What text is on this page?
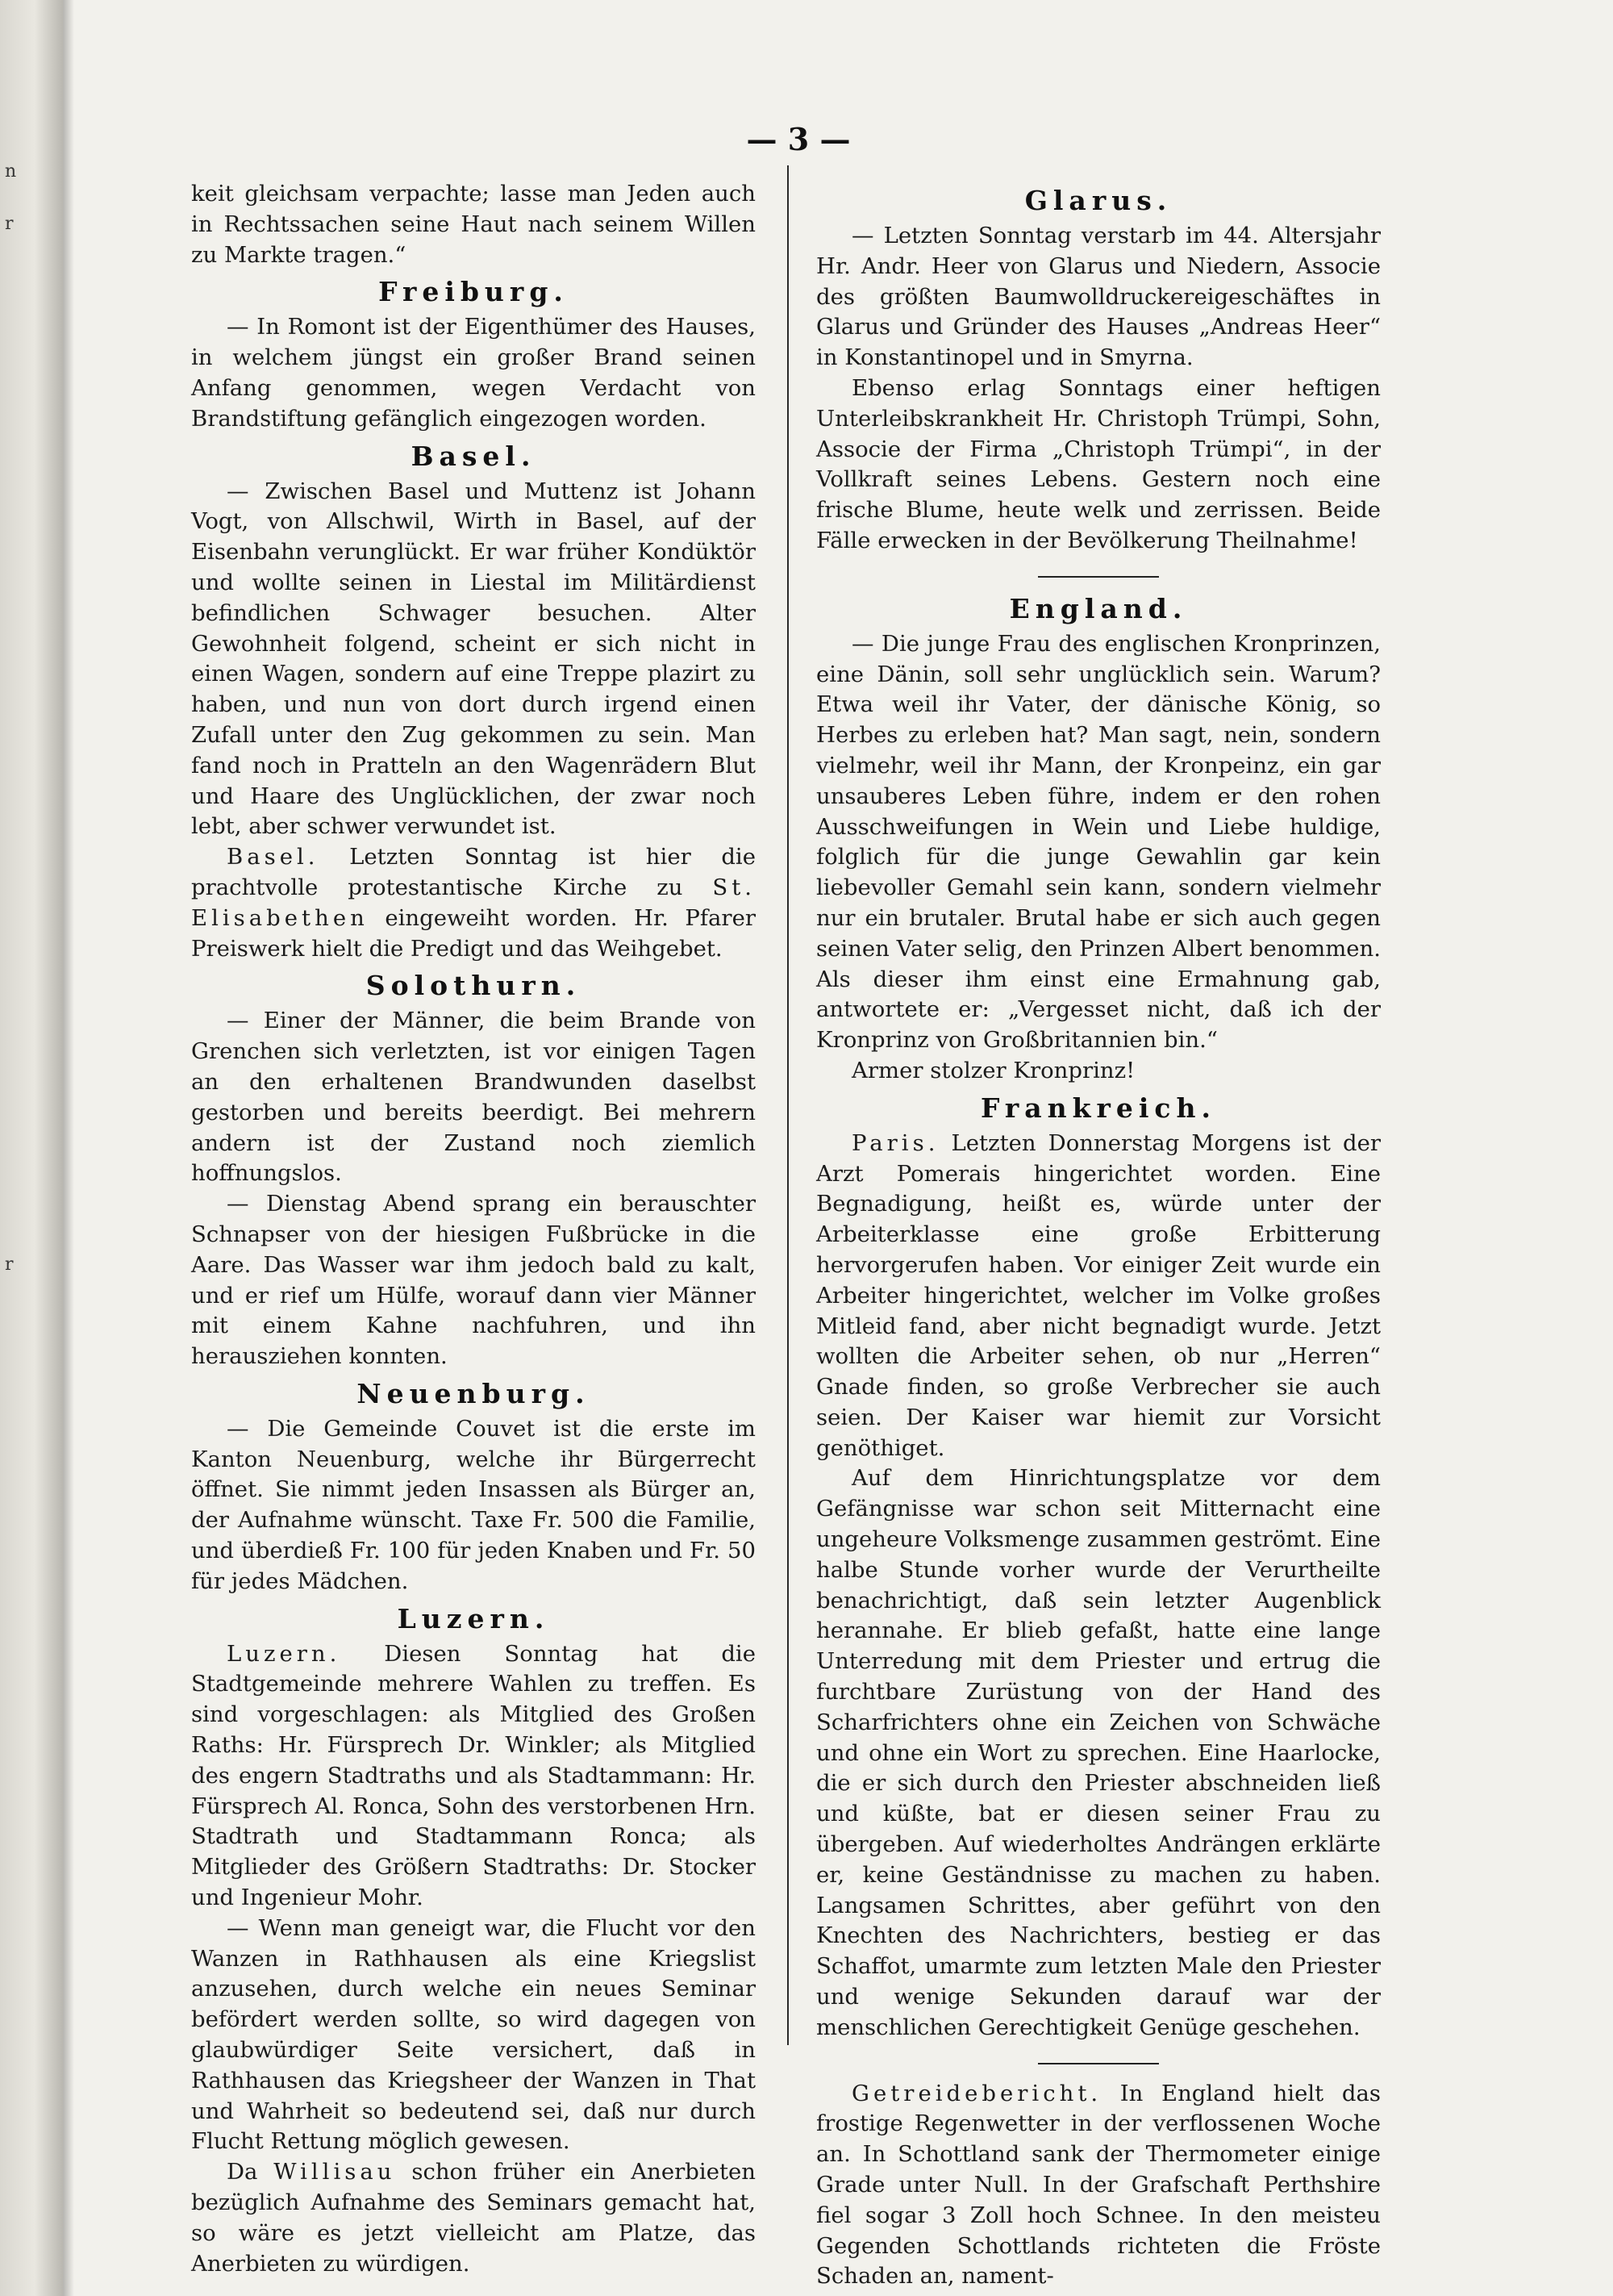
n
r
r
— 3 —

keit gleichsam verpachte; lasse man Jeden auch in Rechtssachen seine Haut nach seinem Willen zu Markte tragen.“

Freiburg.

— In Romont ist der Eigenthümer des Hauses, in welchem jüngst ein großer Brand seinen Anfang genommen, wegen Verdacht von Brandstiftung gefänglich eingezogen worden.

Basel.

— Zwischen Basel und Muttenz ist Johann Vogt, von Allschwil, Wirth in Basel, auf der Eisenbahn verunglückt. Er war früher Kondüktör und wollte seinen in Liestal im Militärdienst befindlichen Schwager besuchen. Alter Gewohnheit folgend, scheint er sich nicht in einen Wagen, sondern auf eine Treppe plazirt zu haben, und nun von dort durch irgend einen Zufall unter den Zug gekommen zu sein. Man fand noch in Pratteln an den Wagenrädern Blut und Haare des Unglücklichen, der zwar noch lebt, aber schwer verwundet ist.

Basel. Letzten Sonntag ist hier die prachtvolle protestantische Kirche zu St. Elisabethen eingeweiht worden. Hr. Pfarer Preiswerk hielt die Predigt und das Weihgebet.

Solothurn.

— Einer der Männer, die beim Brande von Grenchen sich verletzten, ist vor einigen Tagen an den erhaltenen Brandwunden daselbst gestorben und bereits beerdigt. Bei mehrern andern ist der Zustand noch ziemlich hoffnungslos.

— Dienstag Abend sprang ein berauschter Schnapser von der hiesigen Fußbrücke in die Aare. Das Wasser war ihm jedoch bald zu kalt, und er rief um Hülfe, worauf dann vier Männer mit einem Kahne nachfuhren, und ihn herausziehen konnten.

Neuenburg.

— Die Gemeinde Couvet ist die erste im Kanton Neuenburg, welche ihr Bürgerrecht öffnet. Sie nimmt jeden Insassen als Bürger an, der Aufnahme wünscht. Taxe Fr. 500 die Familie, und überdieß Fr. 100 für jeden Knaben und Fr. 50 für jedes Mädchen.

Luzern.

Luzern. Diesen Sonntag hat die Stadtgemeinde mehrere Wahlen zu treffen. Es sind vorgeschlagen: als Mitglied des Großen Raths: Hr. Fürsprech Dr. Winkler; als Mitglied des engern Stadtraths und als Stadtammann: Hr. Fürsprech Al. Ronca, Sohn des verstorbenen Hrn. Stadtrath und Stadtammann Ronca; als Mitglieder des Größern Stadtraths: Dr. Stocker und Ingenieur Mohr.

— Wenn man geneigt war, die Flucht vor den Wanzen in Rathhausen als eine Kriegslist anzusehen, durch welche ein neues Seminar befördert werden sollte, so wird dagegen von glaubwürdiger Seite versichert, daß in Rathhausen das Kriegsheer der Wanzen in That und Wahrheit so bedeutend sei, daß nur durch Flucht Rettung möglich gewesen.

Da Willisau schon früher ein Anerbieten bezüglich Aufnahme des Seminars gemacht hat, so wäre es jetzt vielleicht am Platze, das Anerbieten zu würdigen.

Glarus.

— Letzten Sonntag verstarb im 44. Altersjahr Hr. Andr. Heer von Glarus und Niedern, Associe des größten Baumwolldruckereigeschäftes in Glarus und Gründer des Hauses „Andreas Heer“ in Konstantinopel und in Smyrna.

Ebenso erlag Sonntags einer heftigen Unterleibskrankheit Hr. Christoph Trümpi, Sohn, Associe der Firma „Christoph Trümpi“, in der Vollkraft seines Lebens. Gestern noch eine frische Blume, heute welk und zerrissen. Beide Fälle erwecken in der Bevölkerung Theilnahme!

England.

— Die junge Frau des englischen Kronprinzen, eine Dänin, soll sehr unglücklich sein. Warum? Etwa weil ihr Vater, der dänische König, so Herbes zu erleben hat? Man sagt, nein, sondern vielmehr, weil ihr Mann, der Kronpeinz, ein gar unsauberes Leben führe, indem er den rohen Ausschweifungen in Wein und Liebe huldige, folglich für die junge Gewahlin gar kein liebevoller Gemahl sein kann, sondern vielmehr nur ein brutaler. Brutal habe er sich auch gegen seinen Vater selig, den Prinzen Albert benommen. Als dieser ihm einst eine Ermahnung gab, antwortete er: „Vergesset nicht, daß ich der Kronprinz von Großbritannien bin.“

Armer stolzer Kronprinz!

Frankreich.

Paris. Letzten Donnerstag Morgens ist der Arzt Pomerais hingerichtet worden. Eine Begnadigung, heißt es, würde unter der Arbeiterklasse eine große Erbitterung hervorgerufen haben. Vor einiger Zeit wurde ein Arbeiter hingerichtet, welcher im Volke großes Mitleid fand, aber nicht begnadigt wurde. Jetzt wollten die Arbeiter sehen, ob nur „Herren“ Gnade finden, so große Verbrecher sie auch seien. Der Kaiser war hiemit zur Vorsicht genöthiget.

Auf dem Hinrichtungsplatze vor dem Gefängnisse war schon seit Mitternacht eine ungeheure Volksmenge zusammen geströmt. Eine halbe Stunde vorher wurde der Verurtheilte benachrichtigt, daß sein letzter Augenblick herannahe. Er blieb gefaßt, hatte eine lange Unterredung mit dem Priester und ertrug die furchtbare Zurüstung von der Hand des Scharfrichters ohne ein Zeichen von Schwäche und ohne ein Wort zu sprechen. Eine Haarlocke, die er sich durch den Priester abschneiden ließ und küßte, bat er diesen seiner Frau zu übergeben. Auf wiederholtes Andrängen erklärte er, keine Geständnisse zu machen zu haben. Langsamen Schrittes, aber geführt von den Knechten des Nachrichters, bestieg er das Schaffot, umarmte zum letzten Male den Priester und wenige Sekunden darauf war der menschlichen Gerechtigkeit Genüge geschehen.

Getreidebericht. In England hielt das frostige Regenwetter in der verflossenen Woche an. In Schottland sank der Thermometer einige Grade unter Null. In der Grafschaft Perthshire fiel sogar 3 Zoll hoch Schnee. In den meisteu Gegenden Schottlands richteten die Fröste Schaden an, nament-
